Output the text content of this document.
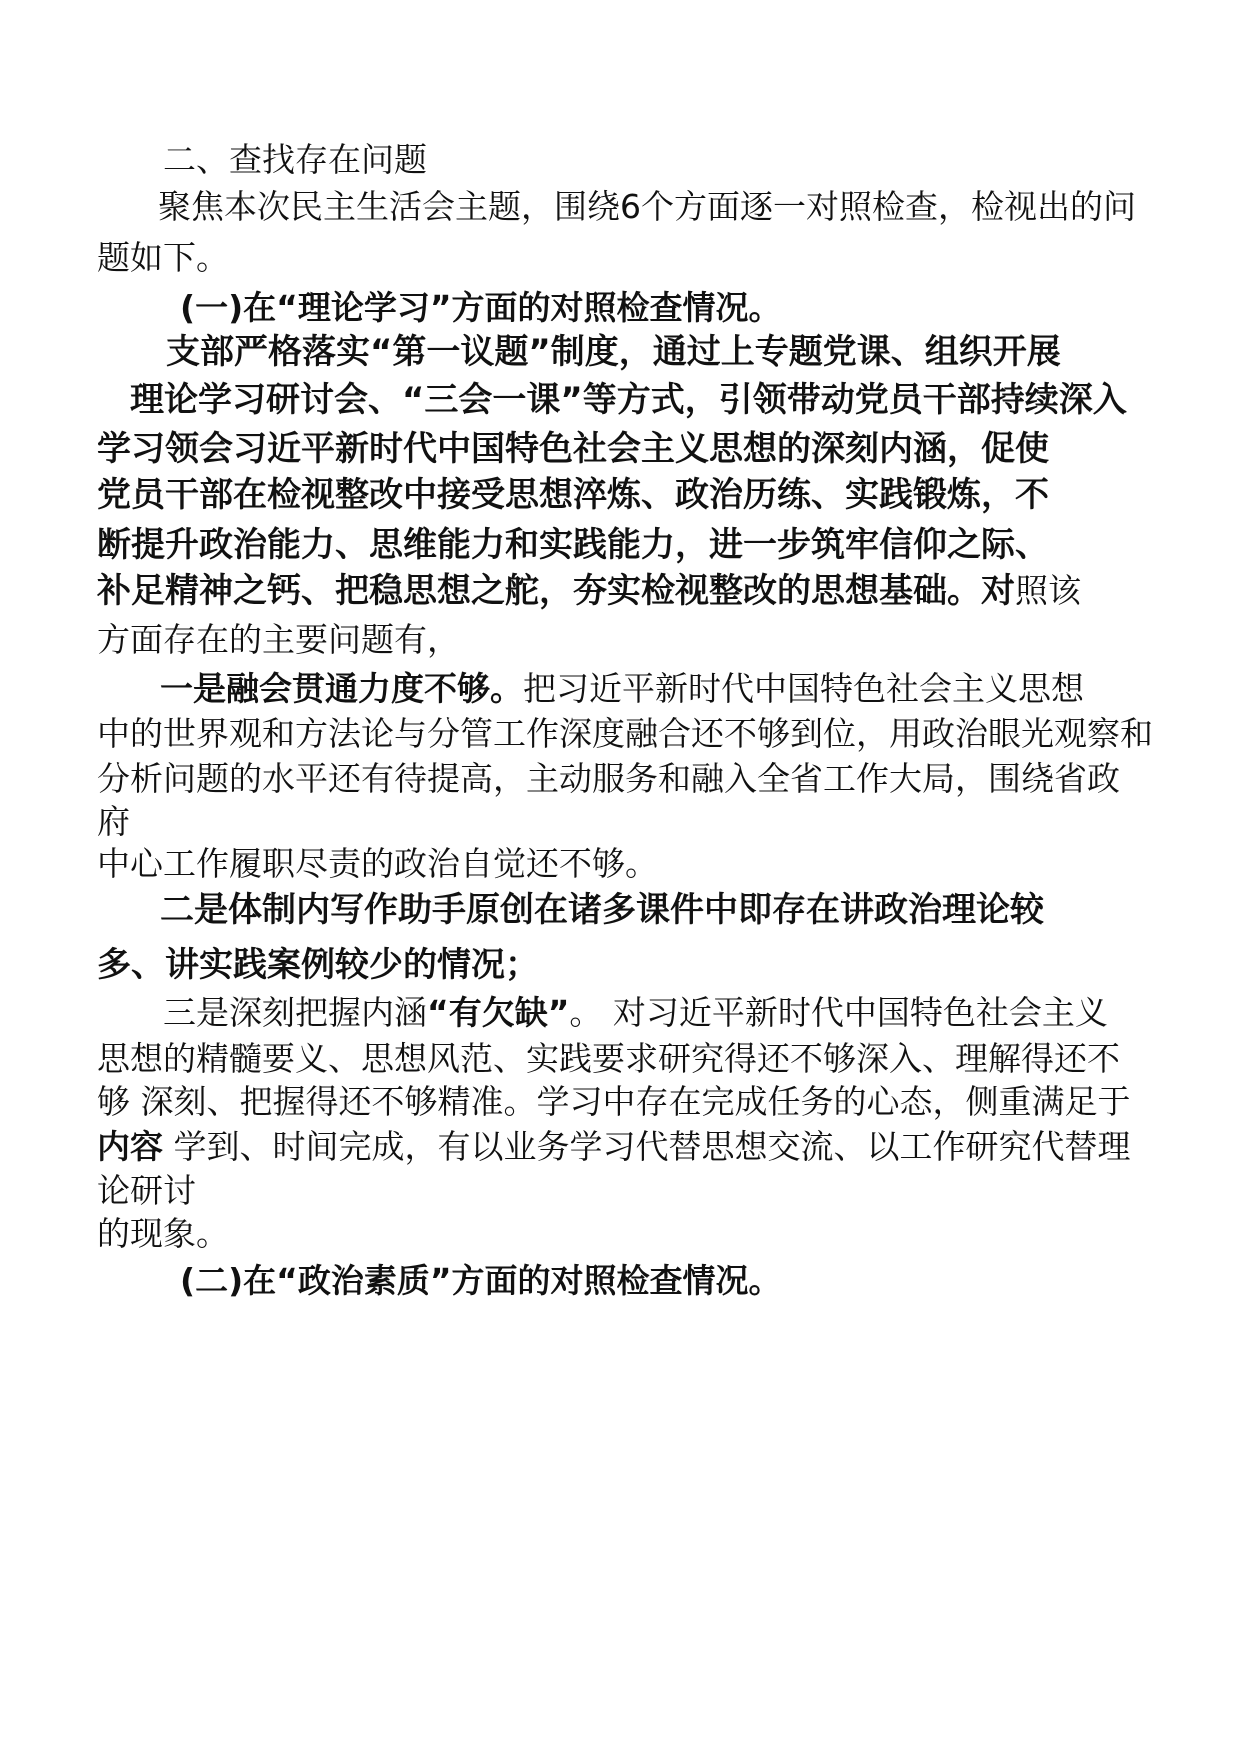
二、查找存在问题
聚焦本次民主生活会主题，围绕6个方面逐一对照检查，检视出的问
题如下。
(一)在“理论学习”方面的对照检查情况。
支部严格落实“第一议题”制度，通过上专题党课、组织开展
理论学习研讨会、“三会一课”等方式，引领带动党员干部持续深入
学习领会习近平新时代中国特色社会主义思想的深刻内涵，促使
党员干部在检视整改中接受思想淬炼、政治历练、实践锻炼，不
断提升政治能力、思维能力和实践能力，进一步筑牢信仰之际、
补足精神之钙、把稳思想之舵，夯实检视整改的思想基础。对照该
方面存在的主要问题有，
一是融会贯通力度不够。把习近平新时代中国特色社会主义思想
中的世界观和方法论与分管工作深度融合还不够到位，用政治眼光观察和
分析问题的水平还有待提高，主动服务和融入全省工作大局，围绕省政
府
中心工作履职尽责的政治自觉还不够。
二是体制内写作助手原创在诸多课件中即存在讲政治理论较
多、讲实践案例较少的情况；
三是深刻把握内涵“有欠缺”。 对习近平新时代中国特色社会主义
思想的精髓要义、思想风范、实践要求研究得还不够深入、理解得还不
够 深刻、把握得还不够精准。学习中存在完成任务的心态，侧重满足于
内容 学到、时间完成，有以业务学习代替思想交流、以工作研究代替理
论研讨
的现象。
(二)在“政治素质”方面的对照检查情况。
